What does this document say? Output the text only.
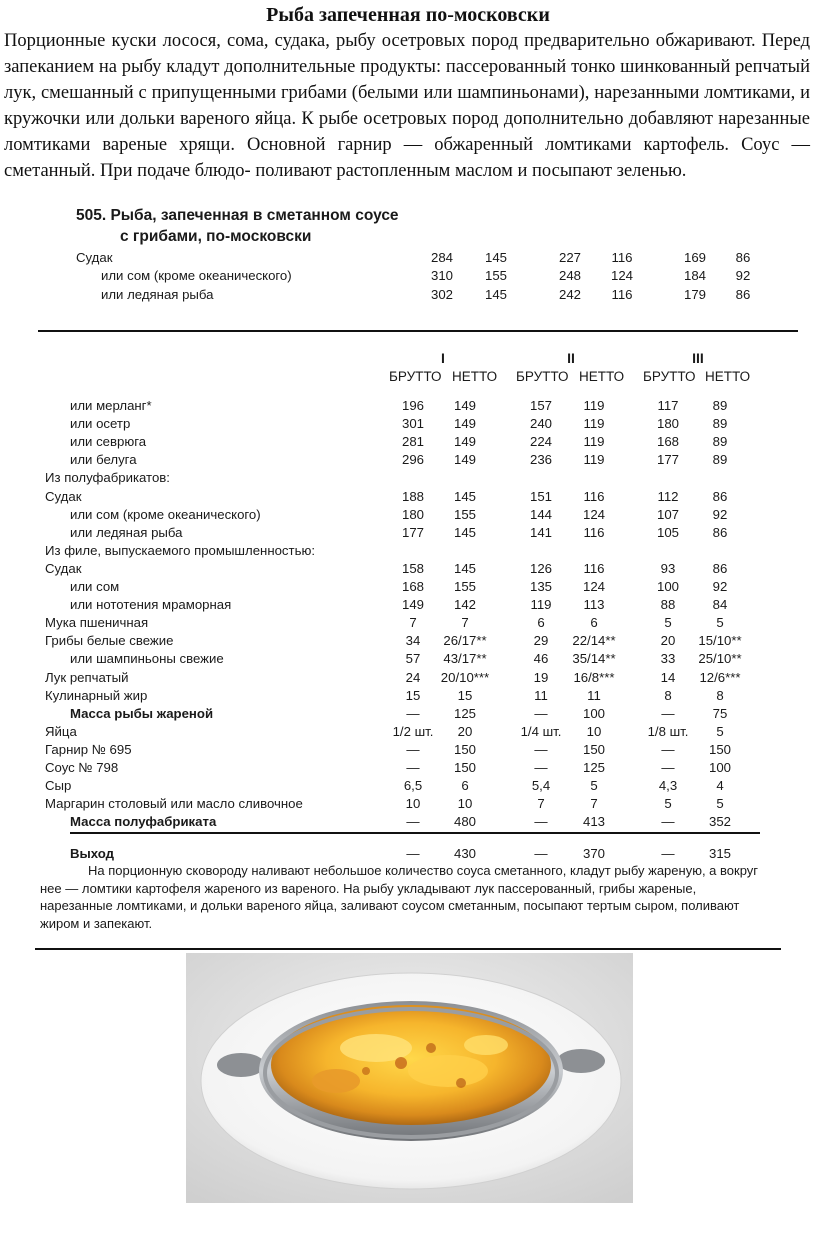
Рыба запеченная по-московски
Порционные куски лосося, сома, судака, рыбу осетровых пород предварительно обжаривают. Перед запеканием на рыбу кладут дополнительные продукты: пассерованный тонко шинкованный репчатый лук, смешанный с припущенными грибами (белыми или шампиньонами), нарезанными ломтиками, и кружочки или дольки вареного яйца. К рыбе осетровых пород дополнительно добавляют нарезанные ломтиками вареные хрящи. Основной гарнир — обжаренный ломтиками картофель. Соус — сметанный. При подаче блюдо- поливают растопленным маслом и посыпают зеленью.
505. Рыба, запеченная в сметанном соусе
с грибами, по-московски
Судак	284	145	227	116	169	86
или сом (кроме океанического)	310	155	248	124	184	92
или ледяная рыба	302	145	242	116	179	86
I	II	III
БРУТТО НЕТТО БРУТТО НЕТТО БРУТТО НЕТТО
или мерланг*	196	149	157	119	117	89
или осетр	301	149	240	119	180	89
или севрюга	281	149	224	119	168	89
или белуга	296	149	236	119	177	89
Из полуфабрикатов:
Судак	188	145	151	116	112	86
или сом (кроме океанического)	180	155	144	124	107	92
или ледяная рыба	177	145	141	116	105	86
Из филе, выпускаемого промышленностью:
Судак	158	145	126	116	93	86
или сом	168	155	135	124	100	92
или нототения мраморная	149	142	119	113	88	84
Мука пшеничная	7	7	6	6	5	5
Грибы белые свежие	34	26/17**	29	22/14**	20	15/10**
или шампиньоны свежие	57	43/17**	46	35/14**	33	25/10**
Лук репчатый	24	20/10***	19	16/8***	14	12/6***
Кулинарный жир	15	15	11	11	8	8
Масса рыбы жареной	—	125	—	100	—	75
Яйца	1/2 шт.	20	1/4 шт.	10	1/8 шт.	5
Гарнир № 695	—	150	—	150	—	150
Соус № 798	—	150	—	125	—	100
Сыр	6,5	6	5,4	5	4,3	4
Маргарин столовый или масло сливочное	10	10	7	7	5	5
Масса полуфабриката	—	480	—	413	—	352
Выход	—	430	—	370	—	315
На порционную сковороду наливают небольшое количество соуса сметанного, кладут рыбу жареную, а вокруг нее — ломтики картофеля жареного из вареного. На рыбу укладывают лук пассерованный, грибы жареные, нарезанные ломтиками, и дольки вареного яйца, заливают соусом сметанным, посыпают тертым сыром, поливают жиром и запекают.
